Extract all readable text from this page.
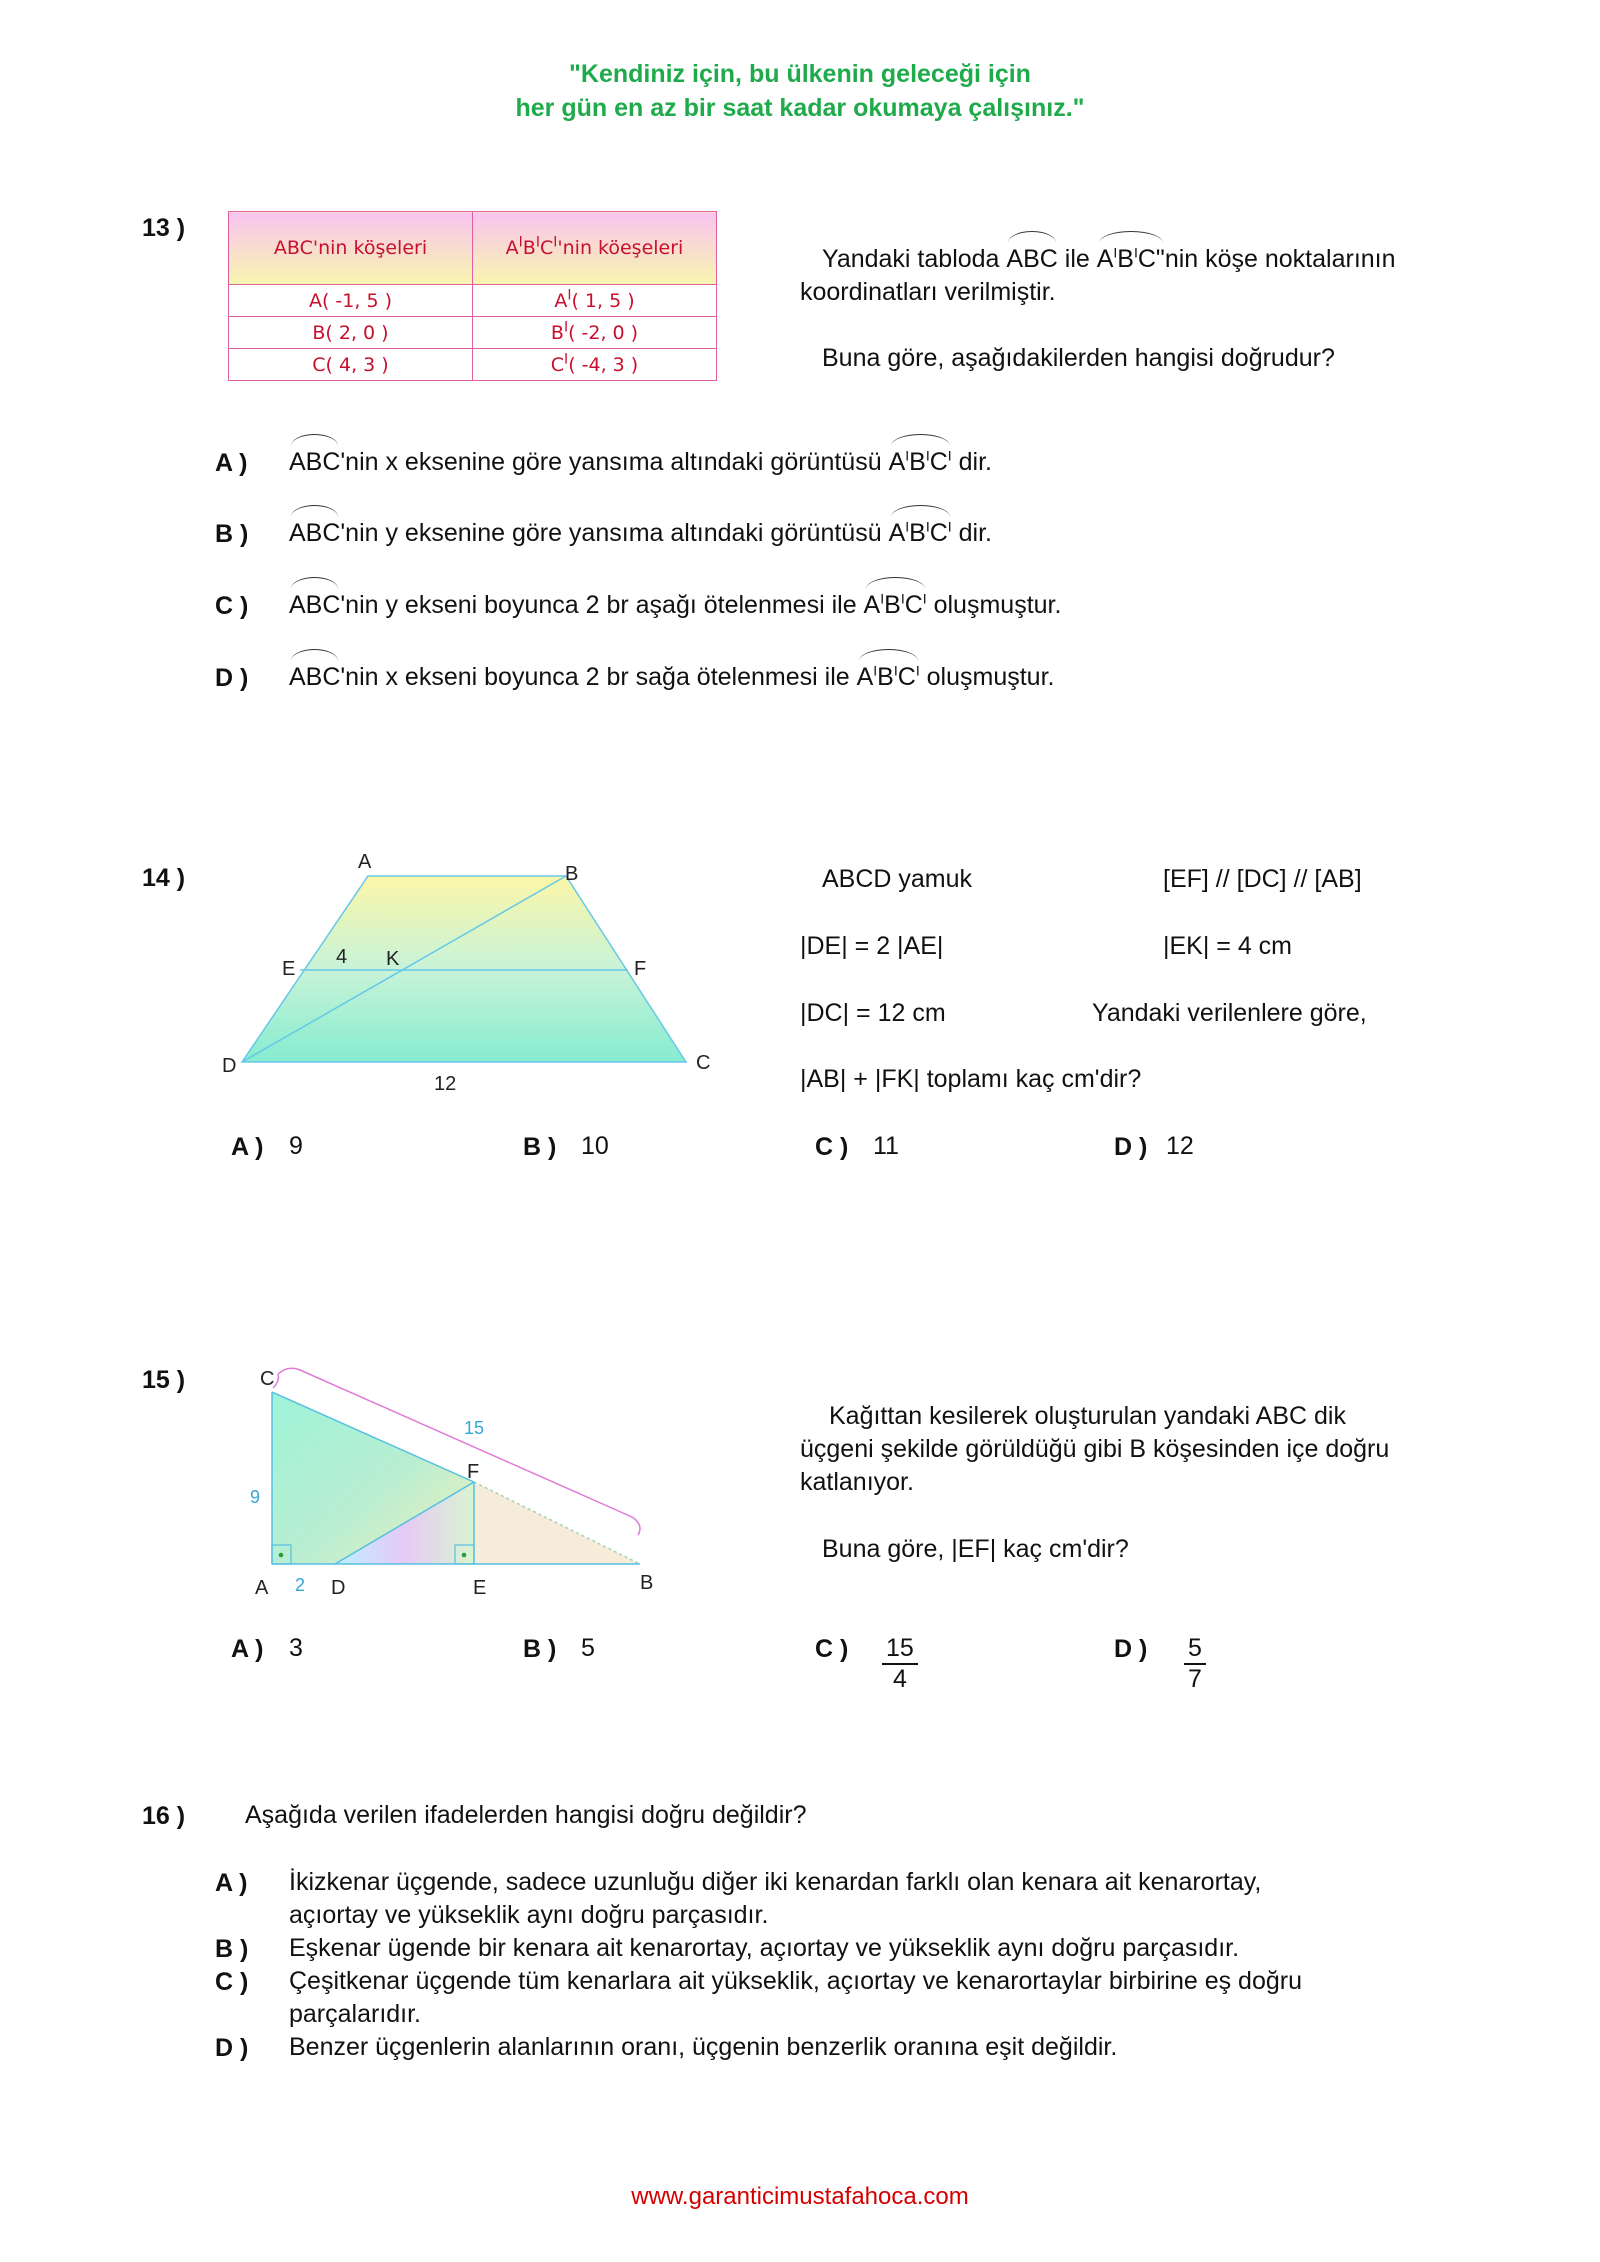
"Kendiniz için, bu ülkenin geleceği için
her gün en az bir saat kadar okumaya çalışınız."
13 )
ABC'nin köşeleri	$A^IB^IC^I'nin$ köeşeleri
A( -1, 5 )	$A^I$( 1, 5 )
B( 2, 0 )	$B^I$( -2, 0 )
C( 4, 3 )	$C^I$( -4, 3 )
Yandaki tabloda ABC ile $A^IB^IC"nin$ köşe noktalarının
koordinatları verilmiştir.
Buna göre, aşağıdakilerden hangisi doğrudur?
A ) ABC'nin x eksenine göre yansıma altındaki görüntüsü $A^IB^IC^I$ dir.
B ) ABC'nin y eksenine göre yansıma altındaki görüntüsü $A^IB^IC^I$ dir.
C ) ABC'nin y ekseni boyunca 2 br aşağı ötelenmesi ile $A^IB^IC^I$ oluşmuştur.
D ) ABC'nin x ekseni boyunca 2 br sağa ötelenmesi ile $A^IB^IC^I$ oluşmuştur.
14 )
A
B
C
D
E	F
K
4
12
ABCD yamuk	[EF] // [DC] // [AB]
|DE| = 2 |AE|	|EK| = 4 cm
|DC| = 12 cm	Yandaki verilenlere göre,
|AB| + |FK| toplamı kaç cm'dir?
A ) 9	B ) 10	C ) 11	D ) 12
15 )	C
A	B
D	E
F
9
2
15	Kağıttan kesilerek oluşturulan yandaki ABC dik
üçgeni şekilde görüldüğü gibi B köşesinden içe doğru
katlanıyor.
Buna göre, |EF| kaç cm'dir?
A ) 3	B ) 5	C ) $\frac{15}{4}$	D ) $\frac{5}{7}$
16 ) Aşağıda verilen ifadelerden hangisi doğru değildir?
A ) İkizkenar üçgende, sadece uzunluğu diğer iki kenardan farklı olan kenara ait kenarortay,
açıortay ve yükseklik aynı doğru parçasıdır.
B ) Eşkenar ügende bir kenara ait kenarortay, açıortay ve yükseklik aynı doğru parçasıdır.
C ) Çeşitkenar üçgende tüm kenarlara ait yükseklik, açıortay ve kenarortaylar birbirine eş doğru
parçalarıdır.
D ) Benzer üçgenlerin alanlarının oranı, üçgenin benzerlik oranına eşit değildir.
www.garanticimustafahoca.com
